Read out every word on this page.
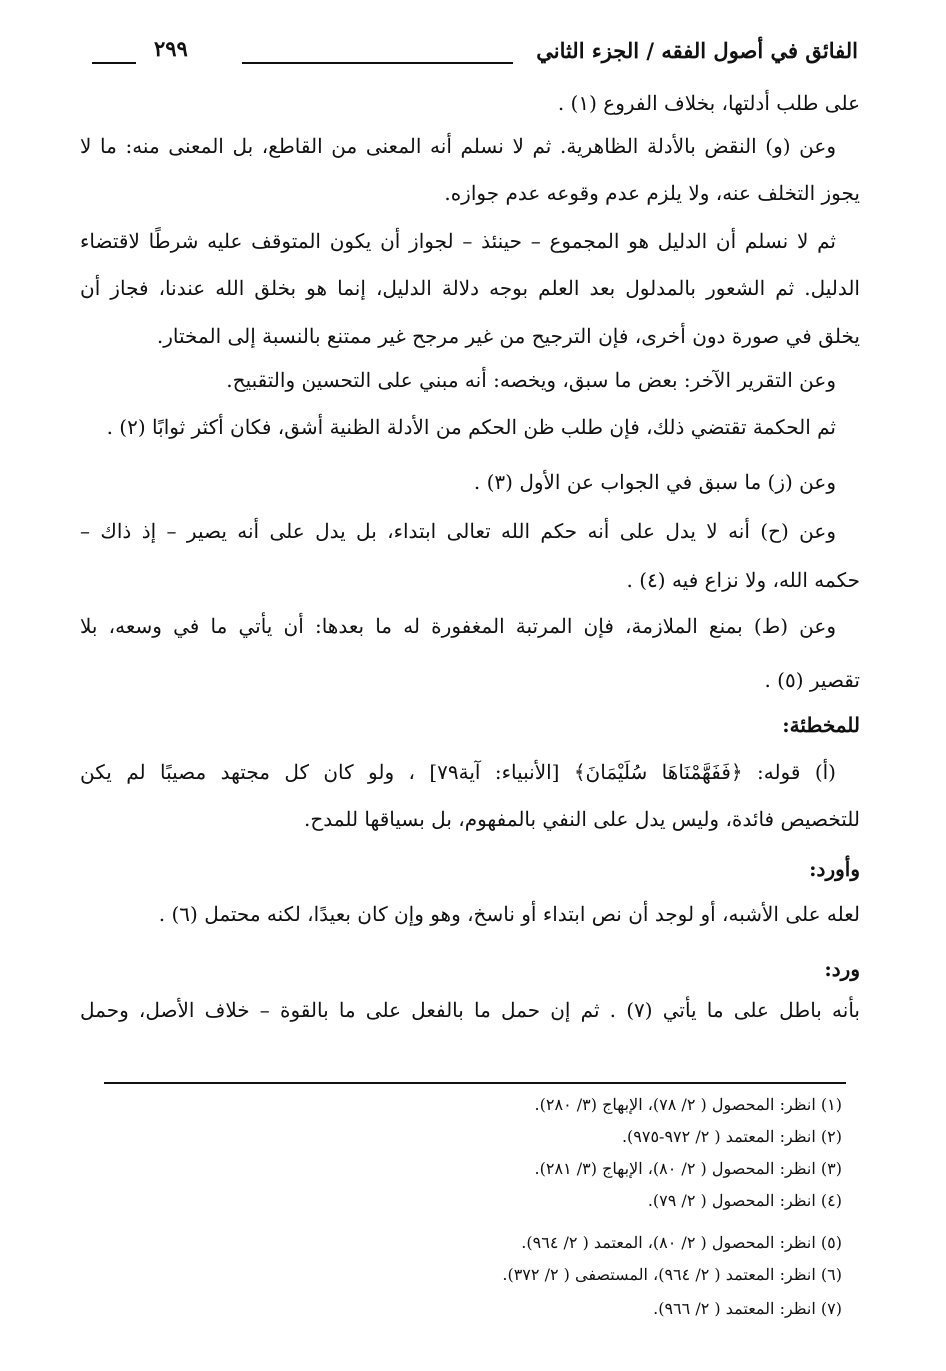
الفائق في أصول الفقه / الجزء الثاني
٢٩٩
على طلب أدلتها، بخلاف الفروع (١) .
وعن (و) النقض بالأدلة الظاهرية. ثم لا نسلم أنه المعنى من القاطع، بل المعنى منه: ما لا
يجوز التخلف عنه، ولا يلزم عدم وقوعه عدم جوازه.
ثم لا نسلم أن الدليل هو المجموع – حينئذ – لجواز أن يكون المتوقف عليه شرطًا لاقتضاء
الدليل. ثم الشعور بالمدلول بعد العلم بوجه دلالة الدليل، إنما هو بخلق الله عندنا، فجاز أن
يخلق في صورة دون أخرى، فإن الترجيح من غير مرجح غير ممتنع بالنسبة إلى المختار.
وعن التقرير الآخر: بعض ما سبق، ويخصه: أنه مبني على التحسين والتقبيح.
ثم الحكمة تقتضي ذلك، فإن طلب ظن الحكم من الأدلة الظنية أشق، فكان أكثر ثوابًا (٢) .
وعن (ز) ما سبق في الجواب عن الأول (٣) .
وعن (ح) أنه لا يدل على أنه حكم الله تعالى ابتداء، بل يدل على أنه يصير – إذ ذاك –
حكمه الله، ولا نزاع فيه (٤) .
وعن (ط) بمنع الملازمة، فإن المرتبة المغفورة له ما بعدها: أن يأتي ما في وسعه، بلا
تقصير (٥) .
للمخطئة:
(أ) قوله: ﴿فَفَهَّمْنَاهَا سُلَيْمَانَ﴾ [الأنبياء: آية٧٩] ، ولو كان كل مجتهد مصيبًا لم يكن
للتخصيص فائدة، وليس يدل على النفي بالمفهوم، بل بسياقها للمدح.
وأورد:
لعله على الأشبه، أو لوجد أن نص ابتداء أو ناسخ، وهو وإن كان بعيدًا، لكنه محتمل (٦) .
ورد:
بأنه باطل على ما يأتي (٧) . ثم إن حمل ما بالفعل على ما بالقوة – خلاف الأصل، وحمل
(١) انظر: المحصول ( ٢/ ٧٨)، الإبهاج (٣/ ٢٨٠).
(٢) انظر: المعتمد ( ٢/ ٩٧٢-٩٧٥).
(٣) انظر: المحصول ( ٢/ ٨٠)، الإبهاج (٣/ ٢٨١).
(٤) انظر: المحصول ( ٢/ ٧٩).
(٥) انظر: المحصول ( ٢/ ٨٠)، المعتمد ( ٢/ ٩٦٤).
(٦) انظر: المعتمد ( ٢/ ٩٦٤)، المستصفى ( ٢/ ٣٧٢).
(٧) انظر: المعتمد ( ٢/ ٩٦٦).
